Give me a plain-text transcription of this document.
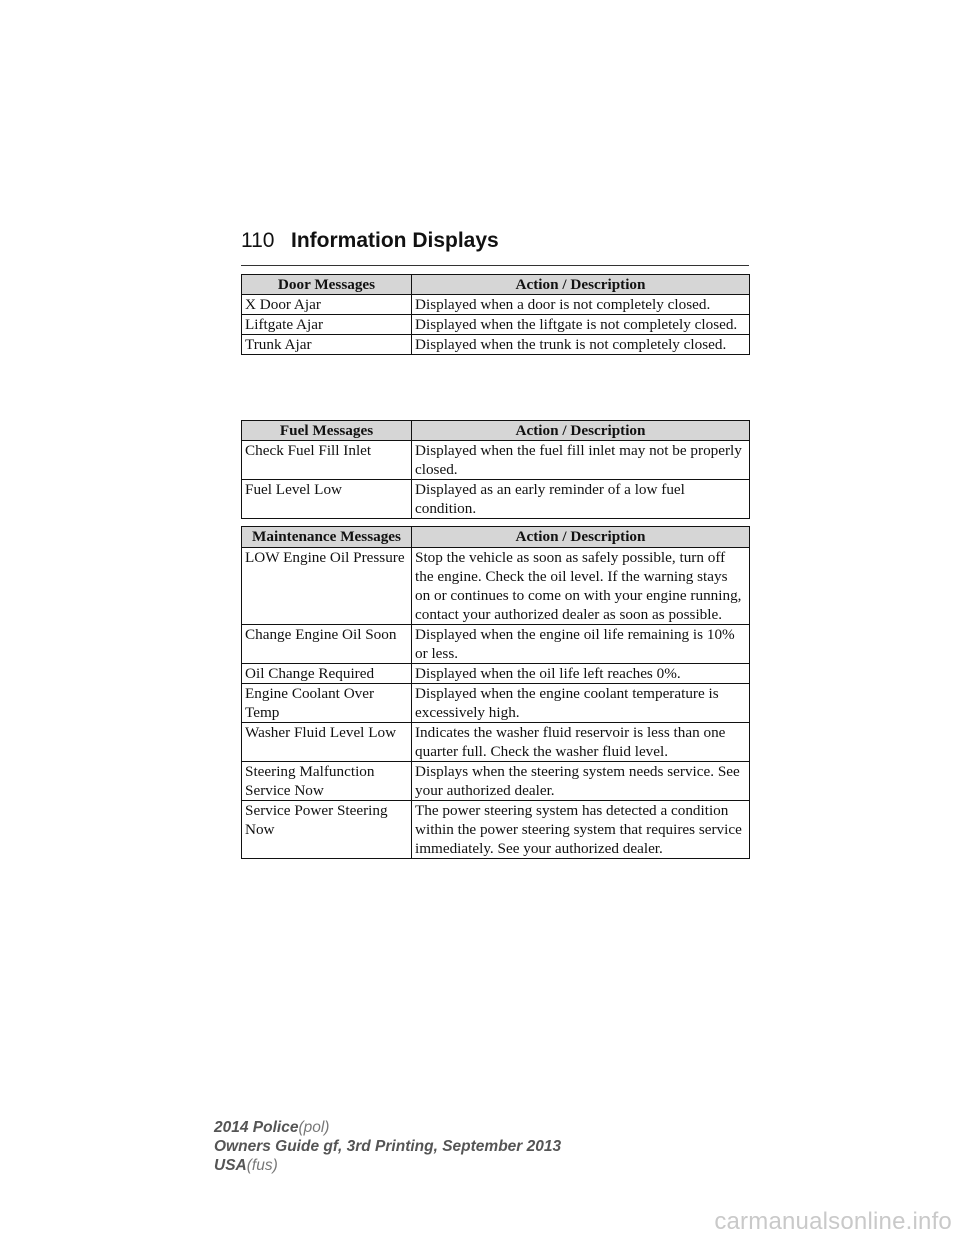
110 Information Displays
Door Messages	Action / Description
X Door Ajar	Displayed when a door is not completely closed.
Liftgate Ajar	Displayed when the liftgate is not completely closed.
Trunk Ajar	Displayed when the trunk is not completely closed.
Fuel Messages	Action / Description
Check Fuel Fill Inlet	Displayed when the fuel fill inlet may not be properly closed.
Fuel Level Low	Displayed as an early reminder of a low fuel condition.
Maintenance Messages	Action / Description
LOW Engine Oil Pressure	Stop the vehicle as soon as safely possible, turn off the engine. Check the oil level. If the warning stays on or continues to come on with your engine running, contact your authorized dealer as soon as possible.
Change Engine Oil Soon	Displayed when the engine oil life remaining is 10% or less.
Oil Change Required	Displayed when the oil life left reaches 0%.
Engine Coolant Over Temp	Displayed when the engine coolant temperature is excessively high.
Washer Fluid Level Low	Indicates the washer fluid reservoir is less than one quarter full. Check the washer fluid level.
Steering Malfunction Service Now	Displays when the steering system needs service. See your authorized dealer.
Service Power Steering Now	The power steering system has detected a condition within the power steering system that requires service immediately. See your authorized dealer.
2014 Police(pol)
Owners Guide gf, 3rd Printing, September 2013
USA(fus)
carmanualsonline.info
